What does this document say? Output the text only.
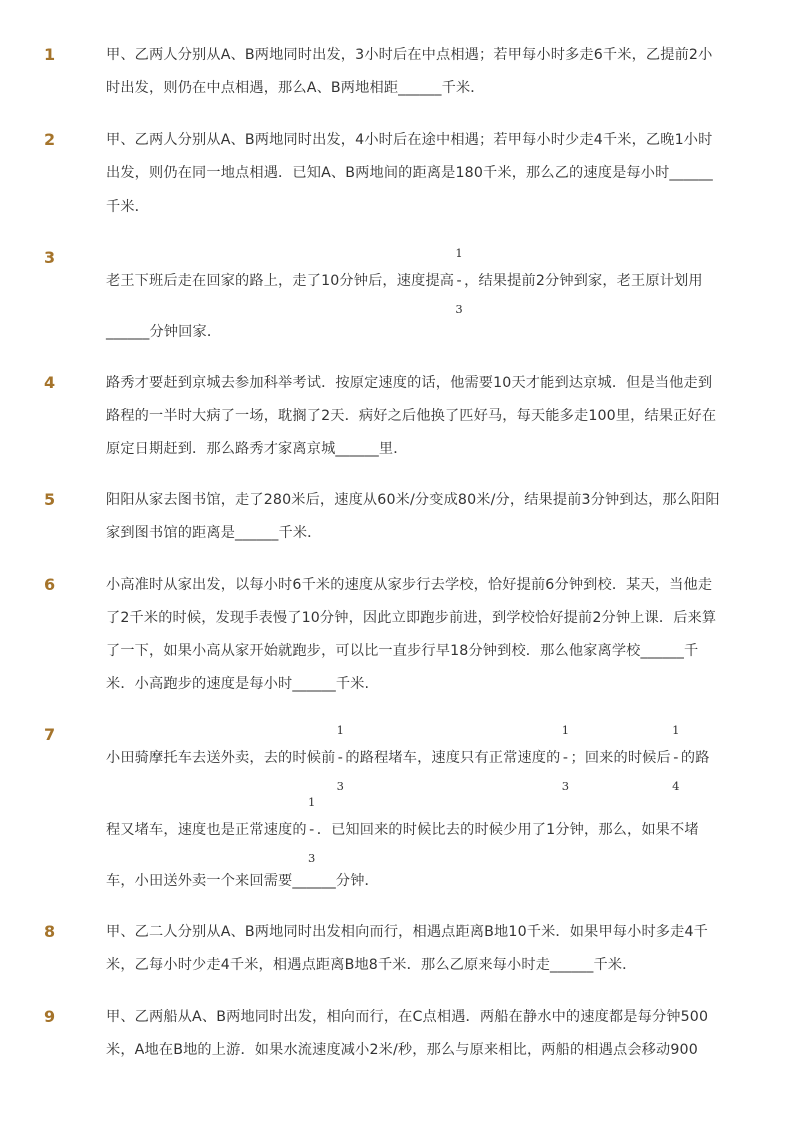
1	甲、乙两人分别从A、B两地同时出发，3小时后在中点相遇；若甲每小时多走6千米，乙提前2小
时出发，则仍在中点相遇，那么A、B两地相距______千米．
2	甲、乙两人分别从A、B两地同时出发，4小时后在途中相遇；若甲每小时少走4千米，乙晚1小时
出发，则仍在同一地点相遇．已知A、B两地间的距离是180千米，那么乙的速度是每小时______
千米．
3
老王下班后走在回家的路上，走了10分钟后，速度提高
1
-
3
，结果提前2分钟到家，老王原计划用
______分钟回家．
4	路秀才要赶到京城去参加科举考试．按原定速度的话，他需要10天才能到达京城．但是当他走到
路程的一半时大病了一场，耽搁了2天．病好之后他换了匹好马，每天能多走100里，结果正好在
原定日期赶到．那么路秀才家离京城______里．
5	阳阳从家去图书馆，走了280米后，速度从60米/分变成80米/分，结果提前3分钟到达，那么阳阳
家到图书馆的距离是______千米．
6	小高准时从家出发，以每小时6千米的速度从家步行去学校，恰好提前6分钟到校．某天，当他走
了2千米的时候，发现手表慢了10分钟，因此立即跑步前进，到学校恰好提前2分钟上课．后来算
了一下，如果小高从家开始就跑步，可以比一直步行早18分钟到校．那么他家离学校______千
米．小高跑步的速度是每小时______千米.
7
小田骑摩托车去送外卖，去的时候前
1
-
3
的路程堵车，速度只有正常速度的
1
-
3
；回来的时候后
1
-
4
的路
程又堵车，速度也是正常速度的
1
-
3
．已知回来的时候比去的时候少用了1分钟，那么，如果不堵
车，小田送外卖一个来回需要______分钟．
8	甲、乙二人分别从A、B两地同时出发相向而行，相遇点距离B地10千米．如果甲每小时多走4千
米，乙每小时少走4千米，相遇点距离B地8千米．那么乙原来每小时走______千米．
9	甲、乙两船从A、B两地同时出发，相向而行，在C点相遇．两船在静水中的速度都是每分钟500
米，A地在B地的上游．如果水流速度减小2米/秒，那么与原来相比，两船的相遇点会移动900
